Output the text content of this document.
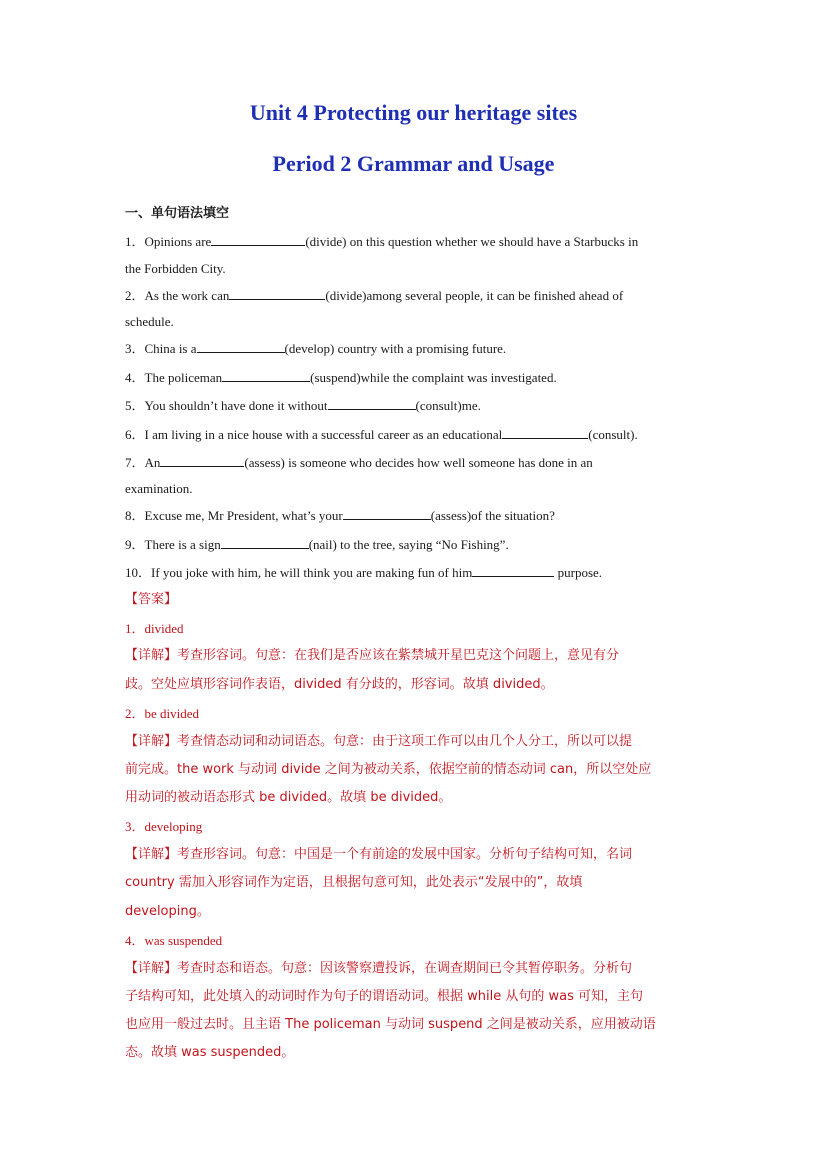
Unit 4 Protecting our heritage sites
Period 2 Grammar and Usage
一、单句语法填空
1．Opinions are	(divide) on this question whether we should have a Starbucks in
the Forbidden City.
2．As the work can	(divide)among several people, it can be finished ahead of
schedule.
3．China is a	(develop) country with a promising future.
4．The policeman	(suspend)while the complaint was investigated.
5．You shouldn’t have done it without	(consult)me.
6．I am living in a nice house with a successful career as an educational	(consult).
7．An	(assess) is someone who decides how well someone has done in an
examination.
8．Excuse me, Mr President, what’s your	(assess)of the situation?
9．There is a sign	(nail) to the tree, saying “No Fishing”.
10．If you joke with him, he will think you are making fun of him	purpose.
【答案】
1．divided
【详解】考查形容词。句意：在我们是否应该在紫禁城开星巴克这个问题上，意见有分
歧。空处应填形容词作表语，divided 有分歧的，形容词。故填 divided。
2．be divided
【详解】考查情态动词和动词语态。句意：由于这项工作可以由几个人分工，所以可以提
前完成。the work 与动词 divide 之间为被动关系，依据空前的情态动词 can，所以空处应
用动词的被动语态形式 be divided。故填 be divided。
3．developing
【详解】考查形容词。句意：中国是一个有前途的发展中国家。分析句子结构可知，名词
country 需加入形容词作为定语，且根据句意可知，此处表示“发展中的”，故填
developing。
4．was suspended
【详解】考查时态和语态。句意：因该警察遭投诉，在调查期间已令其暂停职务。分析句
子结构可知，此处填入的动词时作为句子的谓语动词。根据 while 从句的 was 可知，主句
也应用一般过去时。且主语 The policeman 与动词 suspend 之间是被动关系，应用被动语
态。故填 was suspended。
